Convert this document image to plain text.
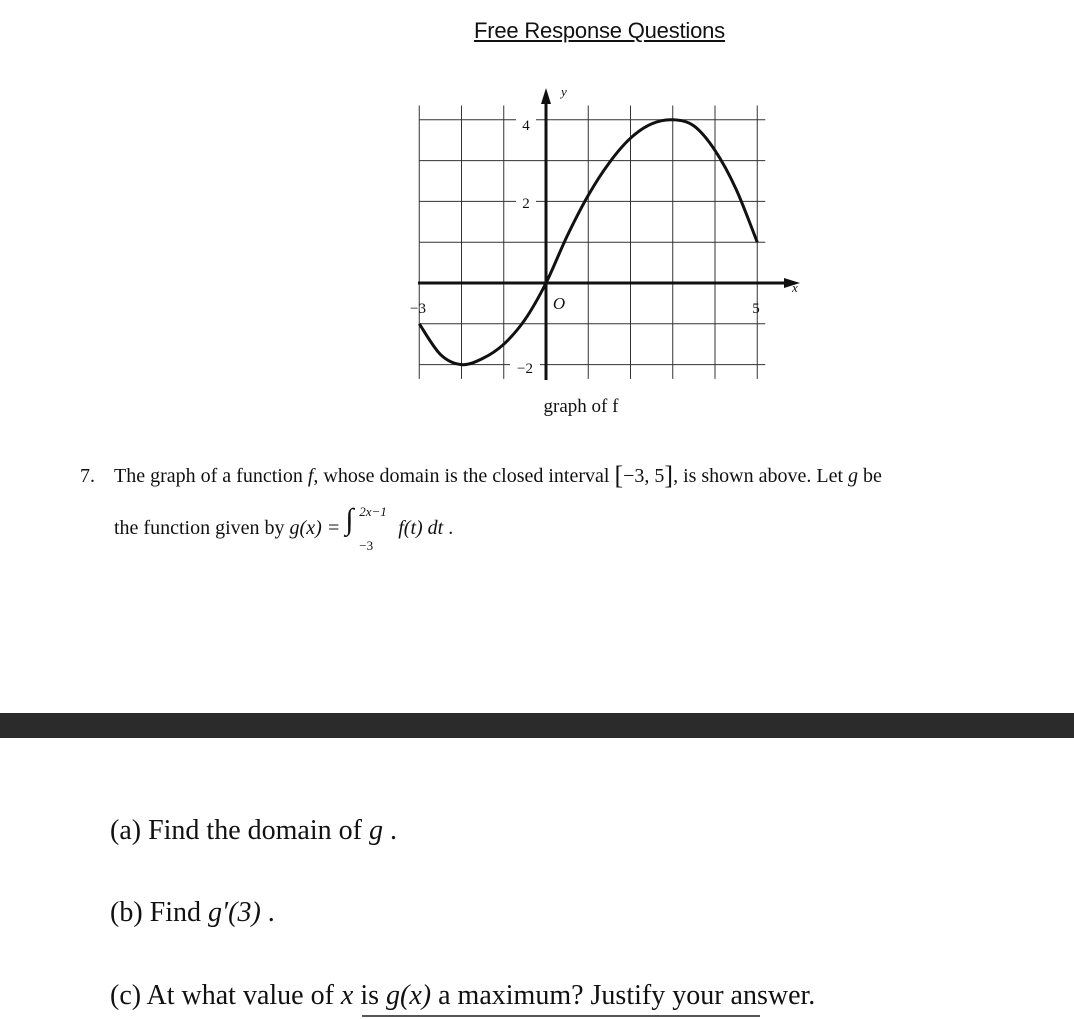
Free Response Questions
4
2
−2
−3	5
O
y
x
graph of f
7. The graph of a function f, whose domain is the closed interval [−3, 5], is shown above. Let g be
the function given by g(x) = ∫ 2x−1
−3
f(t) dt .
(a) Find the domain of g .
(b) Find g′(3) .
(c) At what value of x is g(x) a maximum? Justify your answer.
